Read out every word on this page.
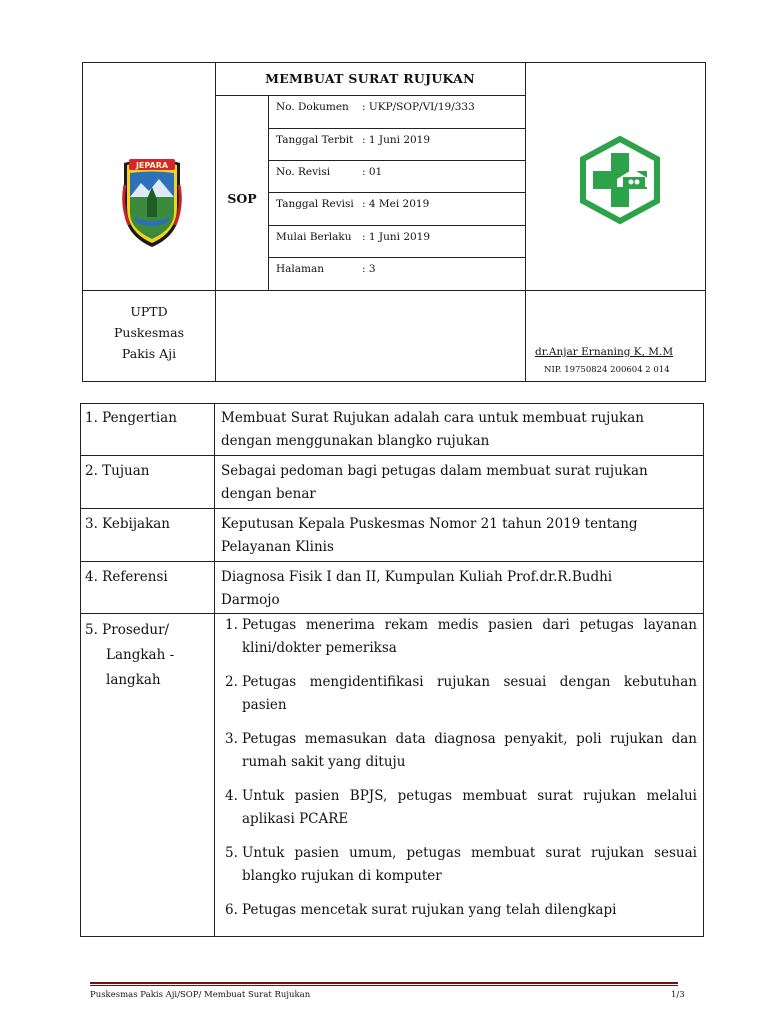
MEMBUAT SURAT RUJUKAN
SOP
No. Dokumen : UKP/SOP/VI/19/333
Tanggal Terbit : 1 Juni 2019
No. Revisi	: 01
Tanggal Revisi : 4 Mei 2019
Mulai Berlaku : 1 Juni 2019
Halaman	: 3
JEPARA
UPTD
Puskesmas
Pakis Aji	dr.Anjar Ernaning K, M.M
NIP. 19750824 200604 2 014
1. Pengertian	Membuat Surat Rujukan adalah cara untuk membuat rujukan
dengan menggunakan blangko rujukan
2. Tujuan	Sebagai pedoman bagi petugas dalam membuat surat rujukan
dengan benar
3. Kebijakan	Keputusan Kepala Puskesmas Nomor 21 tahun 2019 tentang
Pelayanan Klinis
4. Referensi	Diagnosa Fisik I dan II, Kumpulan Kuliah Prof.dr.R.Budhi
Darmojo
5. Prosedur/
Langkah -
langkah
1. Petugas menerima rekam medis pasien dari petugas layanan klini/dokter pemeriksa
2. Petugas mengidentifikasi rujukan sesuai dengan kebutuhan pasien
3. Petugas memasukan data diagnosa penyakit, poli rujukan dan rumah sakit yang dituju
4. Untuk pasien BPJS, petugas membuat surat rujukan melalui aplikasi PCARE
5. Untuk pasien umum, petugas membuat surat rujukan sesuai blangko rujukan di komputer
6. Petugas mencetak surat rujukan yang telah dilengkapi
Puskesmas Pakis Aji/SOP/ Membuat Surat Rujukan	1/3
